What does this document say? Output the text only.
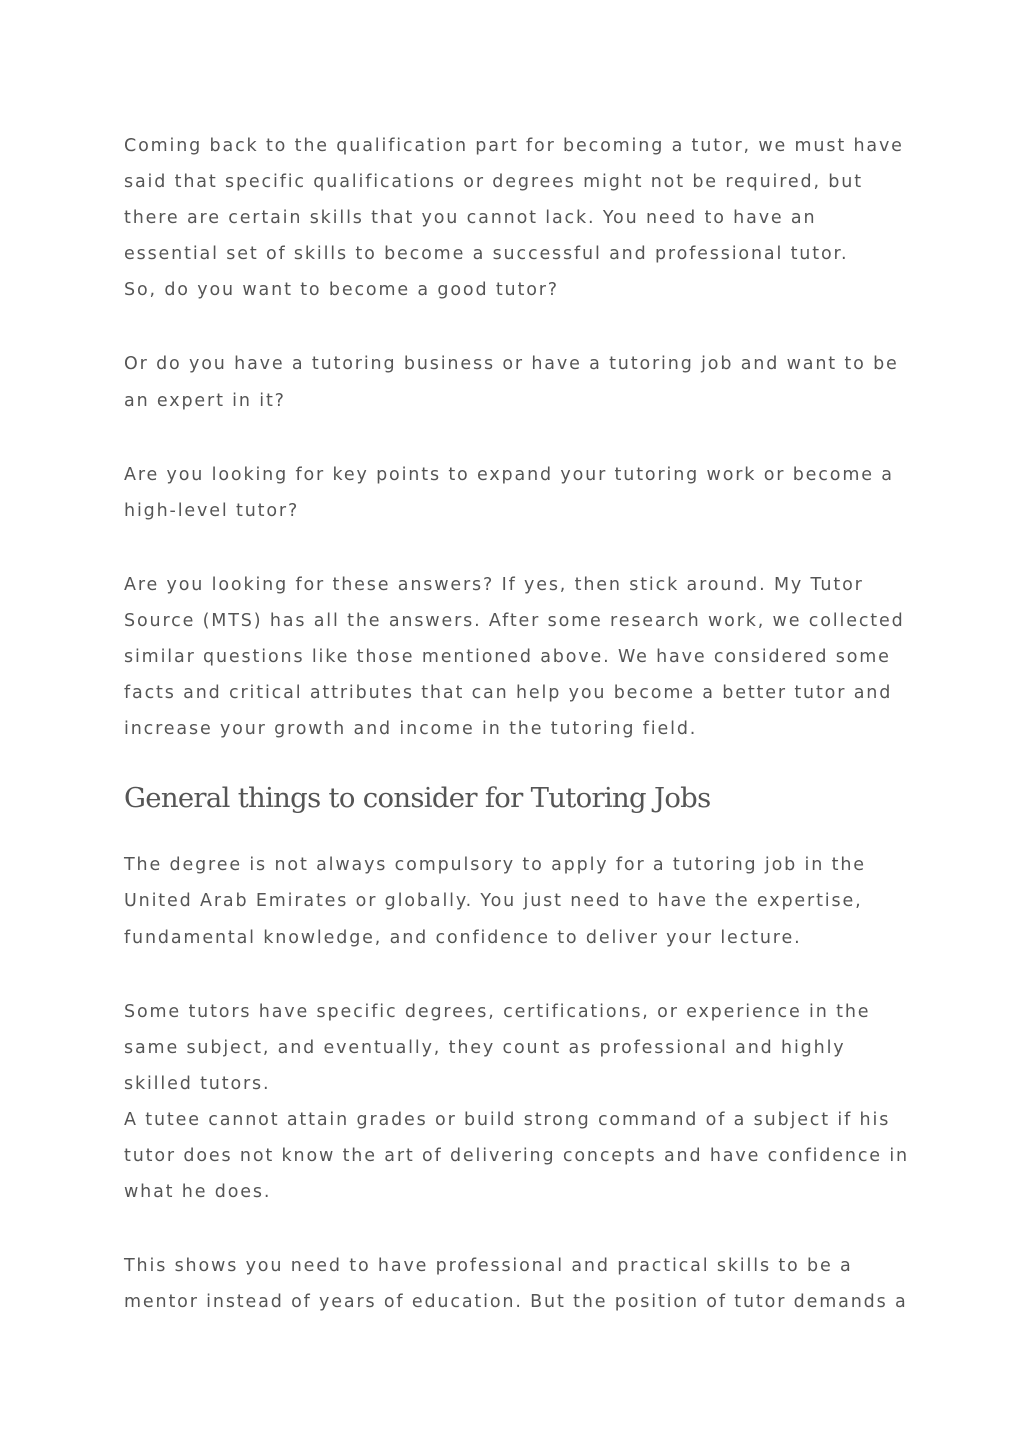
Coming back to the qualification part for becoming a tutor, we must have

said that specific qualifications or degrees might not be required, but

there are certain skills that you cannot lack. You need to have an

essential set of skills to become a successful and professional tutor.

So, do you want to become a good tutor?

Or do you have a tutoring business or have a tutoring job and want to be

an expert in it?

Are you looking for key points to expand your tutoring work or become a

high-level tutor?

Are you looking for these answers? If yes, then stick around. My Tutor

Source (MTS) has all the answers. After some research work, we collected

similar questions like those mentioned above. We have considered some

facts and critical attributes that can help you become a better tutor and

increase your growth and income in the tutoring field.

General things to consider for Tutoring Jobs

The degree is not always compulsory to apply for a tutoring job in the

United Arab Emirates or globally. You just need to have the expertise,

fundamental knowledge, and confidence to deliver your lecture.

Some tutors have specific degrees, certifications, or experience in the

same subject, and eventually, they count as professional and highly

skilled tutors.

A tutee cannot attain grades or build strong command of a subject if his

tutor does not know the art of delivering concepts and have confidence in

what he does.

This shows you need to have professional and practical skills to be a

mentor instead of years of education. But the position of tutor demands a
